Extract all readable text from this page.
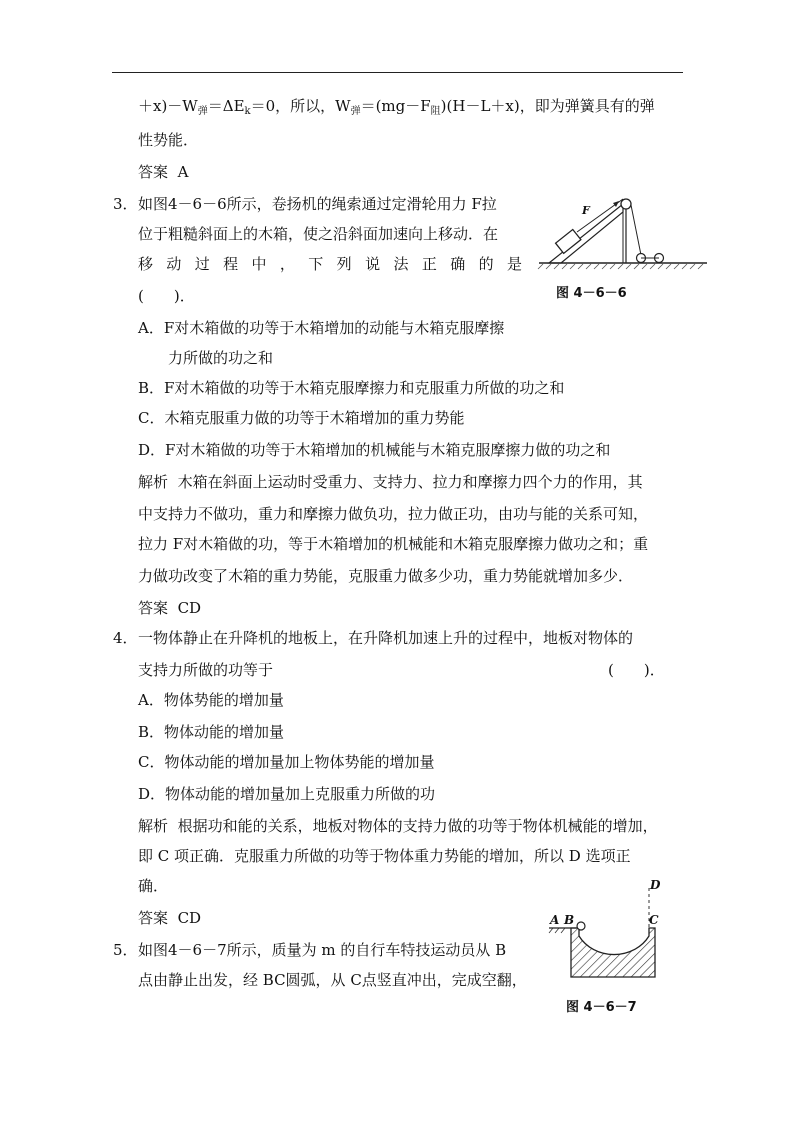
$+x)-W_弹=\Delta E_k=0$，所以，$W_弹=(mg-F_阻)(H-L+x)$，即为弹簧具有的弹
性势能．
答案 A
3． 如图4－6－6所示，卷扬机的绳索通过定滑轮用力 F拉
位于粗糙斜面上的木箱，使之沿斜面加速向上移动．在
移 动 过 程 中 ， 下 列 说 法 正 确 的 是
(　　)．
F
图 4－6－6
A．F对木箱做的功等于木箱增加的动能与木箱克服摩擦
力所做的功之和
B．F对木箱做的功等于木箱克服摩擦力和克服重力所做的功之和
C．木箱克服重力做的功等于木箱增加的重力势能
D．F对木箱做的功等于木箱增加的机械能与木箱克服摩擦力做的功之和
解析 木箱在斜面上运动时受重力、支持力、拉力和摩擦力四个力的作用，其
中支持力不做功，重力和摩擦力做负功，拉力做正功，由功与能的关系可知，
拉力 F对木箱做的功，等于木箱增加的机械能和木箱克服摩擦力做功之和；重
力做功改变了木箱的重力势能，克服重力做多少功，重力势能就增加多少．
答案 CD
4． 一物体静止在升降机的地板上，在升降机加速上升的过程中，地板对物体的
支持力所做的功等于	(　　)．
A．物体势能的增加量
B．物体动能的增加量
C．物体动能的增加量加上物体势能的增加量
D．物体动能的增加量加上克服重力所做的功
解析 根据功和能的关系，地板对物体的支持力做的功等于物体机械能的增加，
即 C 项正确．克服重力所做的功等于物体重力势能的增加，所以 D 选项正
确．
答案 CD
5． 如图4－6－7所示，质量为 m 的自行车特技运动员从 B
点由静止出发，经 BC圆弧，从 C点竖直冲出，完成空翻，
A B	C
D
图 4－6－7
